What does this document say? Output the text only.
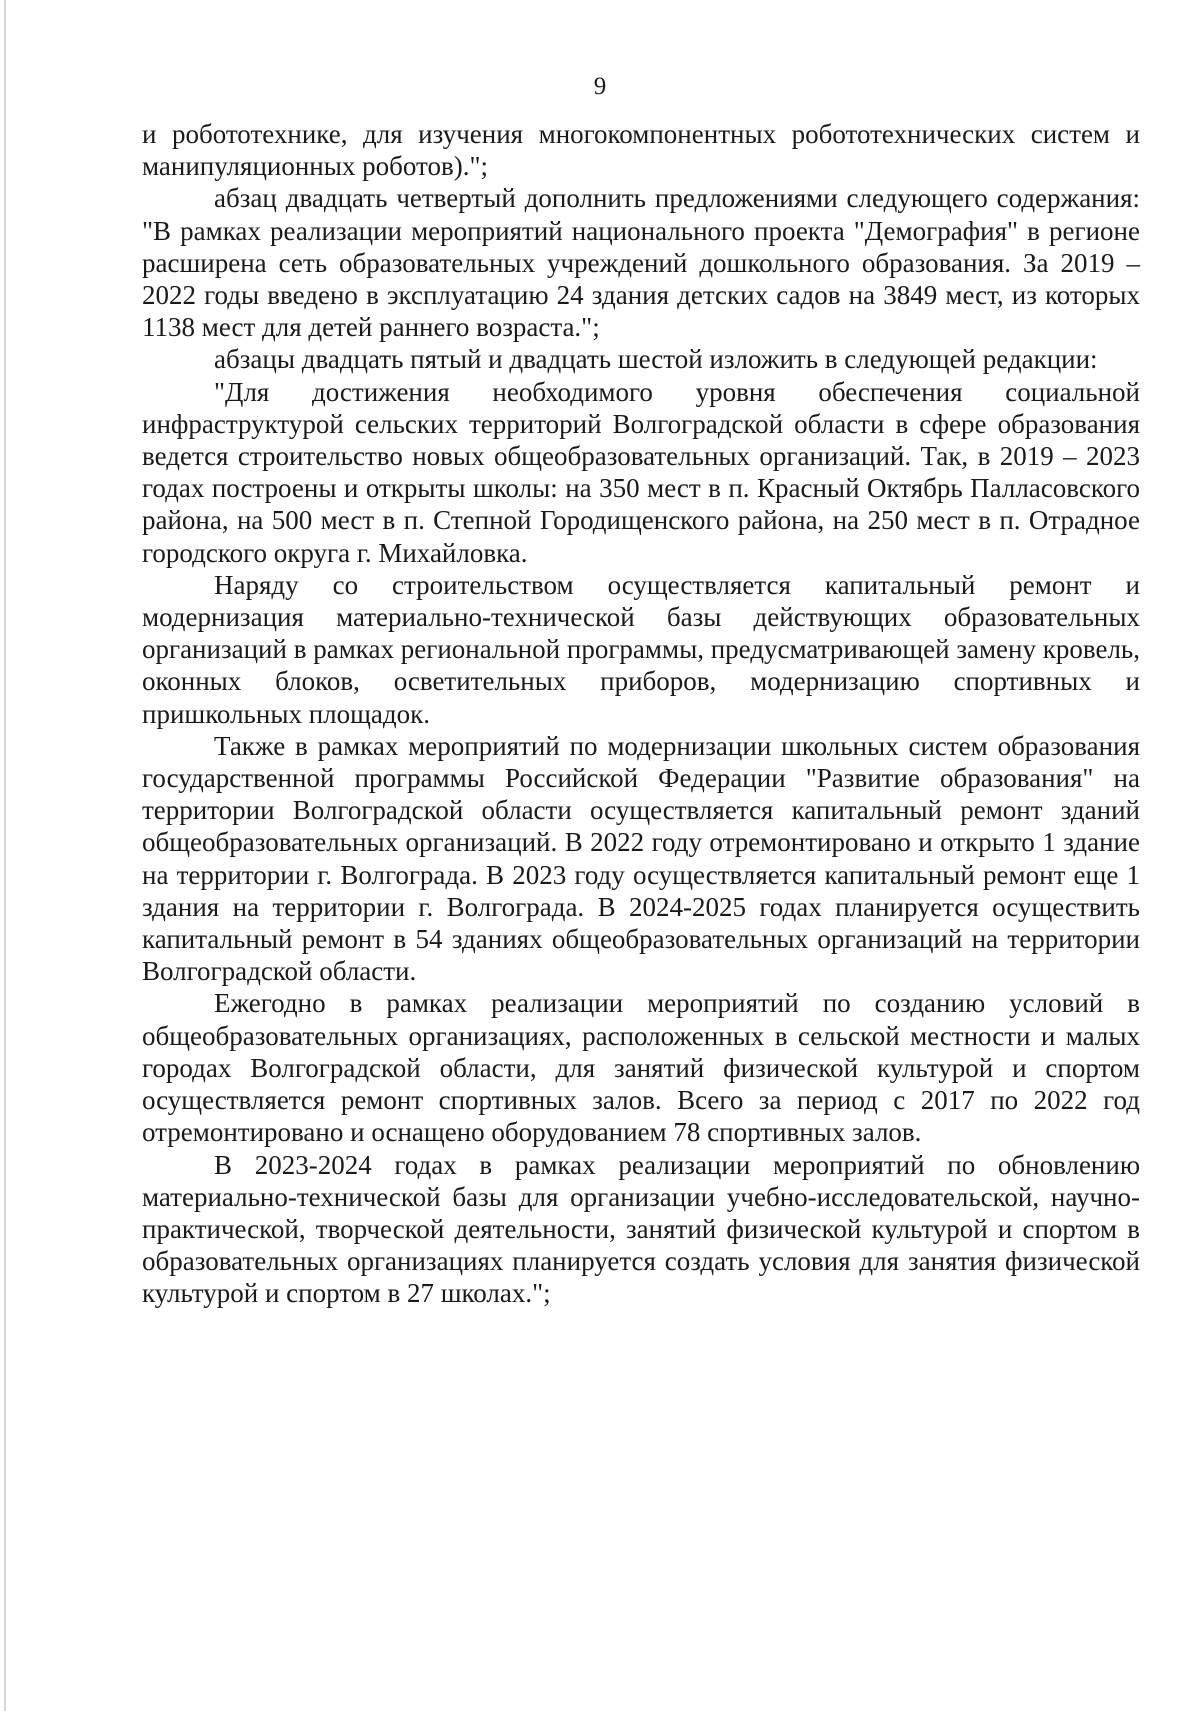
9

и робототехнике, для изучения многокомпонентных робототехнических систем и манипуляционных роботов).";

абзац двадцать четвертый дополнить предложениями следующего содержания: "В рамках реализации мероприятий национального проекта "Демография" в регионе расширена сеть образовательных учреждений дошкольного образования. За 2019 – 2022 годы введено в эксплуатацию 24 здания детских садов на 3849 мест, из которых 1138 мест для детей раннего возраста.";

абзацы двадцать пятый и двадцать шестой изложить в следующей редакции:

"Для достижения необходимого уровня обеспечения социальной инфраструктурой сельских территорий Волгоградской области в сфере образования ведется строительство новых общеобразовательных организаций. Так, в 2019 – 2023 годах построены и открыты школы: на 350 мест в п. Красный Октябрь Палласовского района, на 500 мест в п. Степной Городищенского района, на 250 мест в п. Отрадное городского округа г. Михайловка.

Наряду со строительством осуществляется капитальный ремонт и модернизация материально-технической базы действующих образовательных организаций в рамках региональной программы, предусматривающей замену кровель, оконных блоков, осветительных приборов, модернизацию спортивных и пришкольных площадок.

Также в рамках мероприятий по модернизации школьных систем образования государственной программы Российской Федерации "Развитие образования" на территории Волгоградской области осуществляется капитальный ремонт зданий общеобразовательных организаций. В 2022 году отремонтировано и открыто 1 здание на территории г. Волгограда. В 2023 году осуществляется капитальный ремонт еще 1 здания на территории г. Волгограда. В 2024-2025 годах планируется осуществить капитальный ремонт в 54 зданиях общеобразовательных организаций на территории Волгоградской области.

Ежегодно в рамках реализации мероприятий по созданию условий в общеобразовательных организациях, расположенных в сельской местности и малых городах Волгоградской области, для занятий физической культурой и спортом осуществляется ремонт спортивных залов. Всего за период с 2017 по 2022 год отремонтировано и оснащено оборудованием 78 спортивных залов.

В 2023-2024 годах в рамках реализации мероприятий по обновлению материально-технической базы для организации учебно-исследовательской, научно-практической, творческой деятельности, занятий физической культурой и спортом в образовательных организациях планируется создать условия для занятия физической культурой и спортом в 27 школах.";
